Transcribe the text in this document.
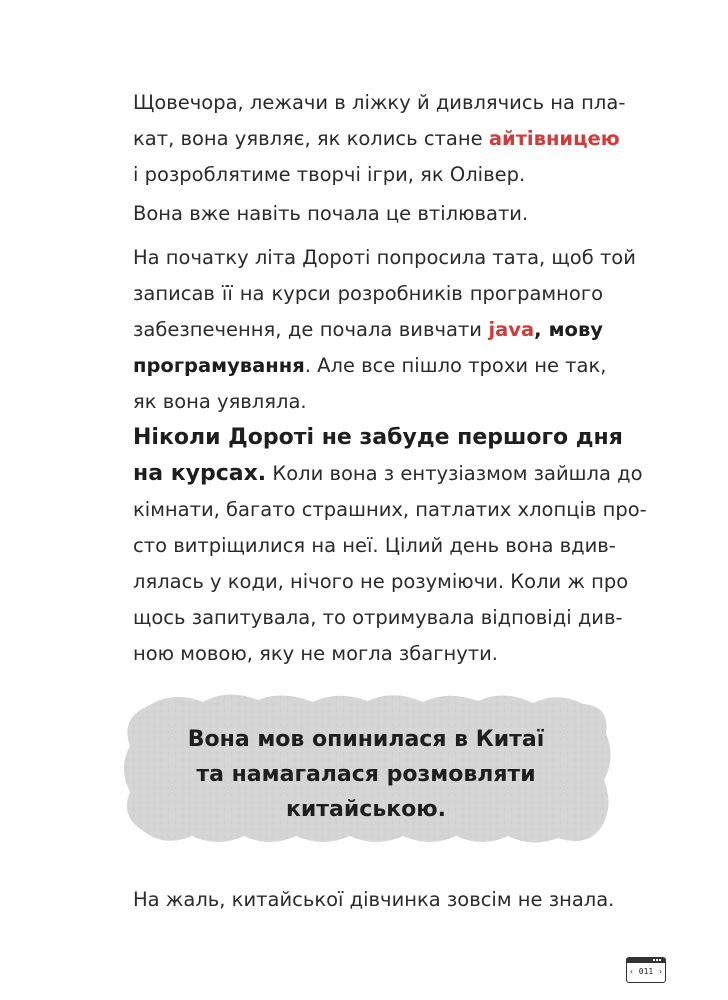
Щовечора, лежачи в ліжку й дивлячись на пла-
кат, вона уявляє, як колись стане айтівницею
і розроблятиме творчі ігри, як Олівер.

Вона вже навіть почала це втілювати.

На початку літа Дороті попросила тата, щоб той
записав її на курси розробників програмного
забезпечення, де почала вивчати java, мову
програмування. Але все пішло трохи не так,
як вона уявляла.

Ніколи Дороті не забуде першого дня
на курсах. Коли вона з ентузіазмом зайшла до
кімнати, багато страшних, патлатих хлопців про-
сто витріщилися на неї. Цілий день вона вдив-
лялась у коди, нічого не розуміючи. Коли ж про
щось запитувала, то отримувала відповіді див-
ною мовою, яку не могла збагнути.

Вона мов опинилася в Китаї
та намагалася розмовляти
китайською.

На жаль, китайської дівчинка зовсім не знала.

‹ 011 ›
